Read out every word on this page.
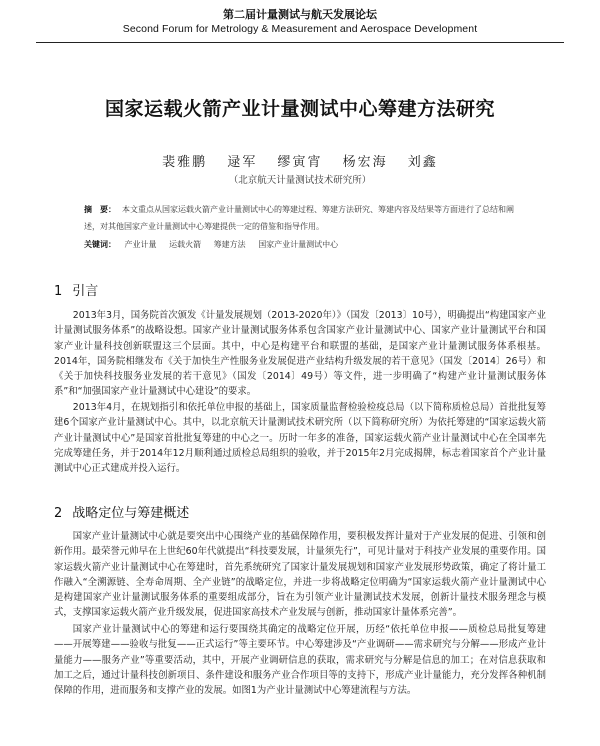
第二届计量测试与航天发展论坛
Second Forum for Metrology & Measurement and Aerospace Development
国家运载火箭产业计量测试中心筹建方法研究
裴雅鹏 逯军 缪寅宵 杨宏海 刘鑫
（北京航天计量测试技术研究所）
摘　要： 本文重点从国家运载火箭产业计量测试中心的筹建过程、筹建方法研究、筹建内容及结果等方面进行了总结和阐述，对其他国家产业计量测试中心筹建提供一定的借鉴和指导作用。
关键词： 产业计量 运载火箭 筹建方法 国家产业计量测试中心
1 引言
2013年3月，国务院首次颁发《计量发展规划（2013-2020年）》（国发〔2013〕10号），明确提出“构建国家产业计量测试服务体系”的战略设想。国家产业计量测试服务体系包含国家产业计量测试中心、国家产业计量测试平台和国家产业计量科技创新联盟这三个层面。其中，中心是构建平台和联盟的基础，是国家产业计量测试服务体系根基。2014年，国务院相继发布《关于加快生产性服务业发展促进产业结构升级发展的若干意见》（国发〔2014〕26号）和《关于加快科技服务业发展的若干意见》（国发〔2014〕49号）等文件，进一步明确了“构建产业计量测试服务体系”和“加强国家产业计量测试中心建设”的要求。
2013年4月，在规划指引和依托单位申报的基础上，国家质量监督检验检疫总局（以下简称质检总局）首批批复筹建6个国家产业计量测试中心。其中，以北京航天计量测试技术研究所（以下简称研究所）为依托筹建的“国家运载火箭产业计量测试中心”是国家首批批复筹建的中心之一。历时一年多的准备，国家运载火箭产业计量测试中心在全国率先完成筹建任务，并于2014年12月顺利通过质检总局组织的验收，并于2015年2月完成揭牌，标志着国家首个产业计量测试中心正式建成并投入运行。
2 战略定位与筹建概述
国家产业计量测试中心就是要突出中心围绕产业的基础保障作用，要积极发挥计量对于产业发展的促进、引领和创新作用。最荣誉元帅早在上世纪60年代就提出“科技要发展，计量须先行”，可见计量对于科技产业发展的重要作用。国家运载火箭产业计量测试中心在筹建时，首先系统研究了国家计量发展规划和国家产业发展形势政策，确定了将计量工作融入“全溯源链、全寿命周期、全产业链”的战略定位，并进一步将战略定位明确为“国家运载火箭产业计量测试中心是构建国家产业计量测试服务体系的重要组成部分，旨在为引领产业计量测试技术发展，创新计量技术服务理念与模式，支撑国家运载火箭产业升级发展，促进国家高技术产业发展与创新，推动国家计量体系完善”。
国家产业计量测试中心的筹建和运行要围绕其确定的战略定位开展，历经“依托单位申报——质检总局批复筹建——开展筹建——验收与批复——正式运行”等主要环节。中心筹建涉及“产业调研——需求研究与分解——形成产业计量能力——服务产业”等重要活动，其中，开展产业调研信息的获取，需求研究与分解是信息的加工；在对信息获取和加工之后，通过计量科技创新项目、条件建设和服务产业合作项目等的支持下，形成产业计量能力，充分发挥各种机制保障的作用，进而服务和支撑产业的发展。如图1为产业计量测试中心筹建流程与方法。
